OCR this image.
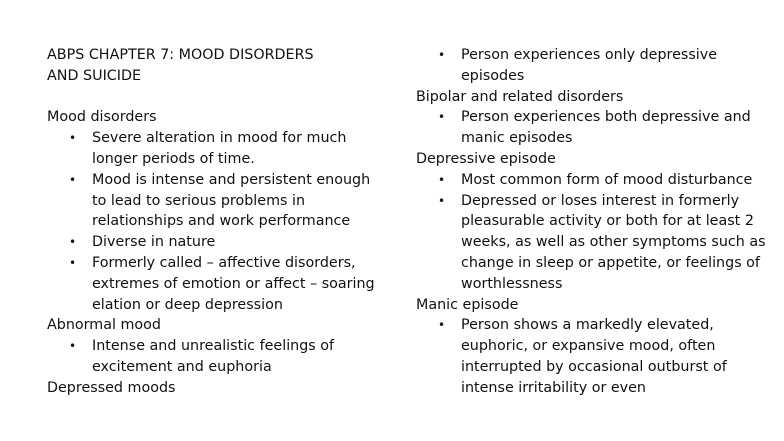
ABPS CHAPTER 7: MOOD DISORDERS
AND SUICIDE
Mood disorders
• Severe alteration in mood for much longer periods of time.
• Mood is intense and persistent enough to lead to serious problems in relationships and work performance
• Diverse in nature
• Formerly called – affective disorders, extremes of emotion or affect – soaring elation or deep depression
Abnormal mood
• Intense and unrealistic feelings of excitement and euphoria
Depressed moods
• Person experiences only depressive episodes
Bipolar and related disorders
• Person experiences both depressive and manic episodes
Depressive episode
• Most common form of mood disturbance
• Depressed or loses interest in formerly pleasurable activity or both for at least 2 weeks, as well as other symptoms such as change in sleep or appetite, or feelings of worthlessness
Manic episode
• Person shows a markedly elevated, euphoric, or expansive mood, often interrupted by occasional outburst of intense irritability or even
